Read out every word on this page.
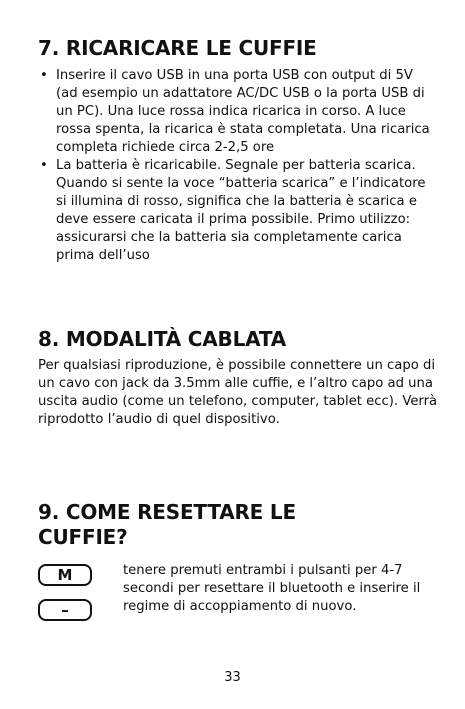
7. RICARICARE LE CUFFIE
• Inserire il cavo USB in una porta USB con output di 5V (ad esempio un adattatore AC/DC USB o la porta USB di un PC). Una luce rossa indica ricarica in corso. A luce rossa spenta, la ricarica è stata completata. Una ricarica completa richiede circa 2-2,5 ore
• La batteria è ricaricabile. Segnale per batteria scarica. Quando si sente la voce “batteria scarica” e l’indicatore si illumina di rosso, significa che la batteria è scarica e deve essere caricata il prima possibile. Primo utilizzo: assicurarsi che la batteria sia completamente carica prima dell’uso
8. MODALITÀ CABLATA

Per qualsiasi riproduzione, è possibile connettere un capo di un cavo con jack da 3.5mm alle cuffie, e l’altro capo ad una uscita audio (come un telefono, computer, tablet ecc). Verrà riprodotto l’audio di quel dispositivo.

9. COME RESETTARE LE
CUFFIE?
M
–
tenere premuti entrambi i pulsanti per 4-7 secondi per resettare il bluetooth e inserire il regime di accoppiamento di nuovo.
33
